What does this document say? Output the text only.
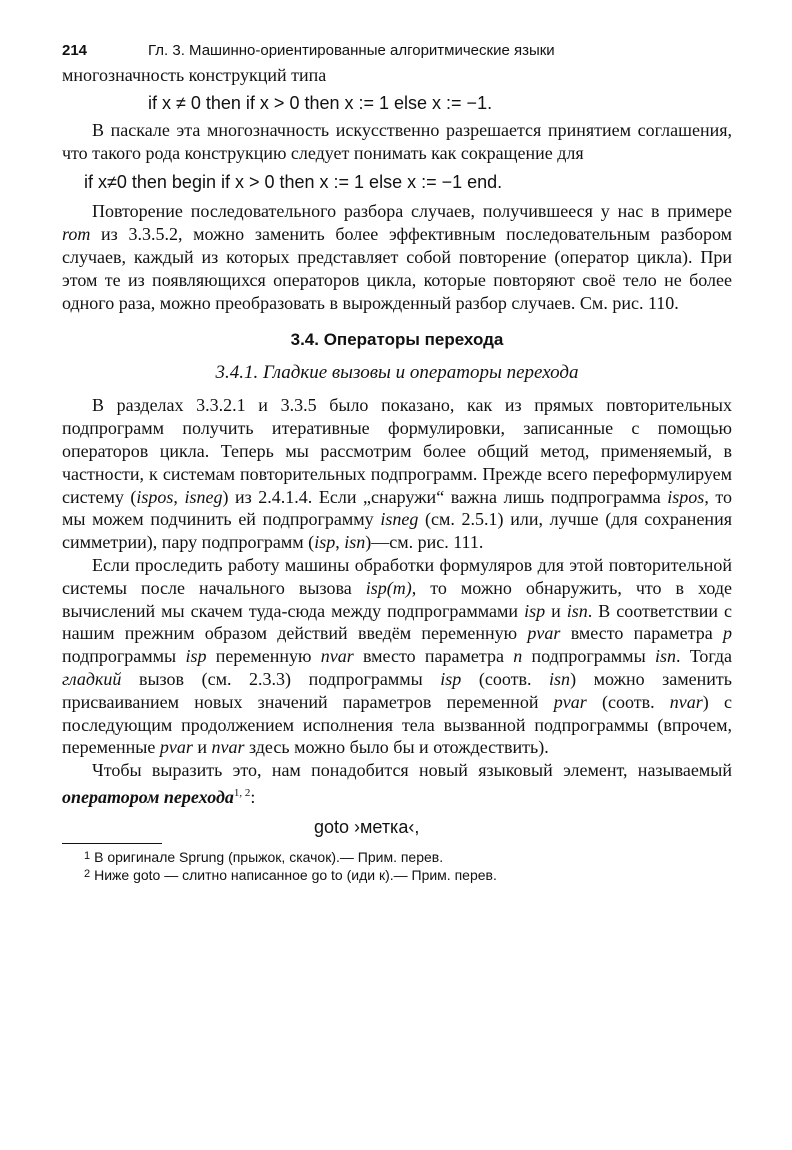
214	Гл. 3. Машинно-ориентированные алгоритмические языки

многозначность конструкций типа

if x ≠ 0 then if x > 0 then x := 1 else x := −1.

В паскале эта многозначность искусственно разрешается принятием соглашения, что такого рода конструкцию следует понимать как сокращение для

if x≠0 then begin if x > 0 then x := 1 else x := −1 end.

Повторение последовательного разбора случаев, получившееся у нас в примере rom из 3.3.5.2, можно заменить более эффективным последовательным разбором случаев, каждый из которых представляет собой повторение (оператор цикла). При этом те из появляющихся операторов цикла, которые повторяют своё тело не более одного раза, можно преобразовать в вырожденный разбор случаев. См. рис. 110.

3.4. Операторы перехода
3.4.1. Гладкие вызовы и операторы перехода

В разделах 3.3.2.1 и 3.3.5 было показано, как из прямых повторительных подпрограмм получить итеративные формулировки, записанные с помощью операторов цикла. Теперь мы рассмотрим более общий метод, применяемый, в частности, к системам повторительных подпрограмм. Прежде всего переформулируем систему (ispos, isneg) из 2.4.1.4. Если „снаружи“ важна лишь подпрограмма ispos, то мы можем подчинить ей подпрограмму isneg (см. 2.5.1) или, лучше (для сохранения симметрии), пару подпрограмм (isp, isn)—см. рис. 111.

Если проследить работу машины обработки формуляров для этой повторительной системы после начального вызова isp(m), то можно обнаружить, что в ходе вычислений мы скачем туда-сюда между подпрограммами isp и isn. В соответствии с нашим прежним образом действий введём переменную pvar вместо параметра p подпрограммы isp переменную nvar вместо параметра n подпрограммы isn. Тогда гладкий вызов (см. 2.3.3) подпрограммы isp (соотв. isn) можно заменить присваиванием новых значений параметров переменной pvar (соотв. nvar) с последующим продолжением исполнения тела вызванной подпрограммы (впрочем, переменные pvar и nvar здесь можно было бы и отождествить).

Чтобы выразить это, нам понадобится новый языковый элемент, называемый оператором перехода$^{1, 2}$:

goto ›метка‹,
$^1$ В оригинале Sprung (прыжок, скачок).— Прим. перев.
$^2$ Ниже goto — слитно написанное go to (иди к).— Прим. перев.
